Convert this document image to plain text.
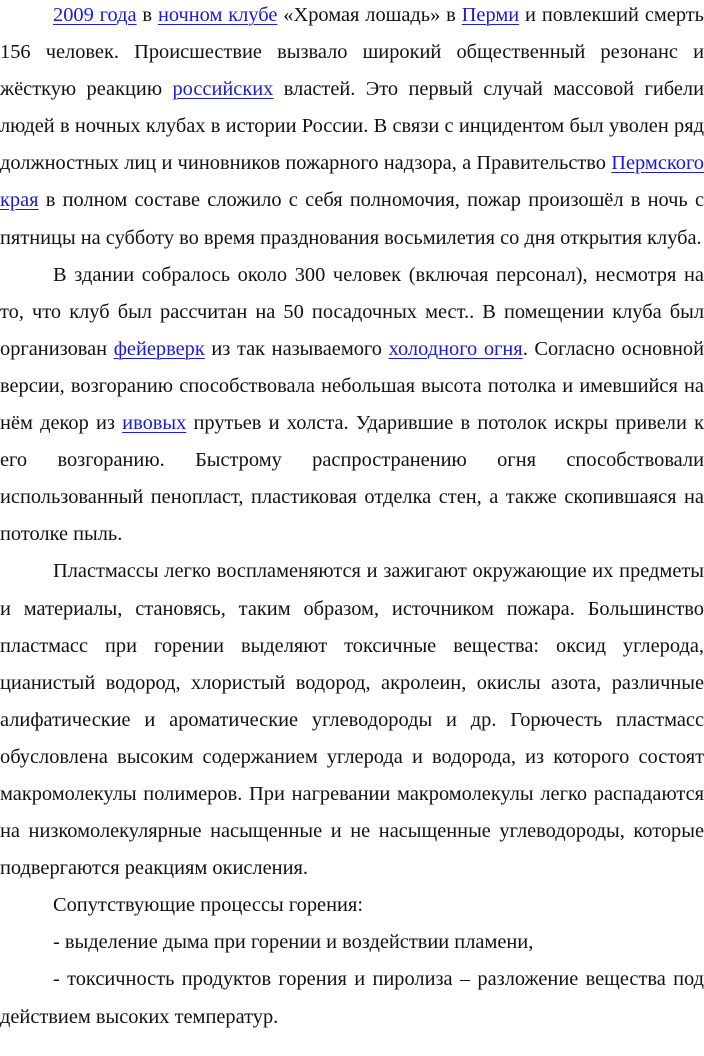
2009 года в ночном клубе «Хромая лошадь» в Перми и повлекший смерть 156 человек. Происшествие вызвало широкий общественный резонанс и жёсткую реакцию российских властей. Это первый случай массовой гибели людей в ночных клубах в истории России. В связи с инцидентом был уволен ряд должностных лиц и чиновников пожарного надзора, а Правительство Пермского края в полном составе сложило с себя полномочия, пожар произошёл в ночь с пятницы на субботу во время празднования восьмилетия со дня открытия клуба.

В здании собралось около 300 человек (включая персонал), несмотря на то, что клуб был рассчитан на 50 посадочных мест.. В помещении клуба был организован фейерверк из так называемого холодного огня. Согласно основной версии, возгоранию способствовала небольшая высота потолка и имевшийся на нём декор из ивовых прутьев и холста. Ударившие в потолок искры привели к его возгоранию. Быстрому распространению огня способствовали использованный пенопласт, пластиковая отделка стен, а также скопившаяся на потолке пыль.

Пластмассы легко воспламеняются и зажигают окружающие их предметы и материалы, становясь, таким образом, источником пожара. Большинство пластмасс при горении выделяют токсичные вещества: оксид углерода, цианистый водород, хлористый водород, акролеин, окислы азота, различные алифатические и ароматические углеводороды и др. Горючесть пластмасс обусловлена высоким содержанием углерода и водорода, из которого состоят макромолекулы полимеров. При нагревании макромолекулы легко распадаются на низкомолекулярные насыщенные и не насыщенные углеводороды, которые подвергаются реакциям окисления.

Сопутствующие процессы горения:

- выделение дыма при горении и воздействии пламени,

- токсичность продуктов горения и пиролиза – разложение вещества под действием высоких температур.
